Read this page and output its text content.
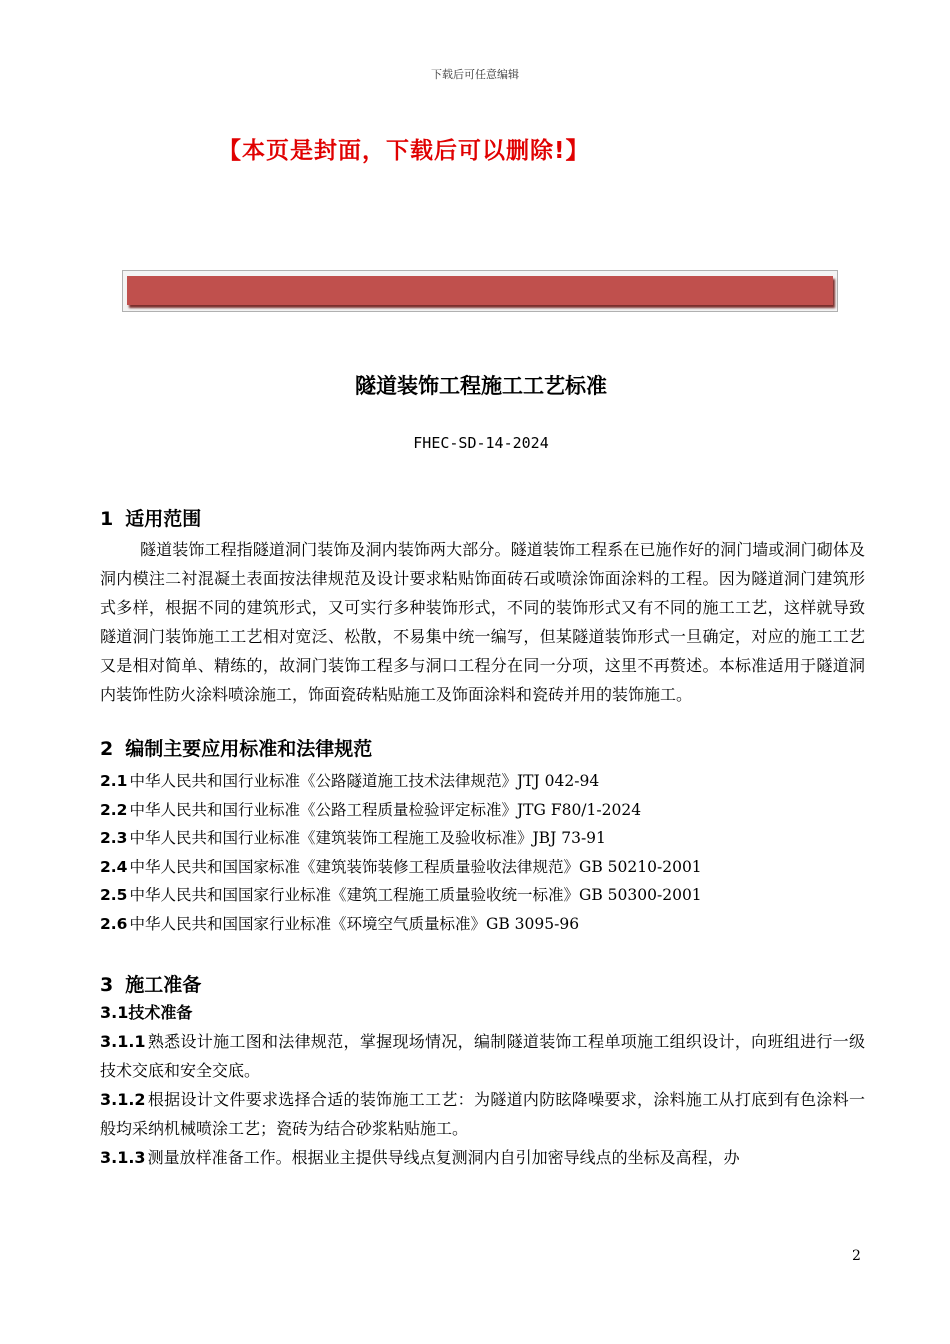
下载后可任意编辑
【本页是封面，下载后可以删除!】
隧道装饰工程施工工艺标准
FHEC-SD-14-2024
1 适用范围

隧道装饰工程指隧道洞门装饰及洞内装饰两大部分。隧道装饰工程系在已施作好的洞门墙或洞门砌体及洞内模注二衬混凝土表面按法律规范及设计要求粘贴饰面砖石或喷涂饰面涂料的工程。因为隧道洞门建筑形式多样，根据不同的建筑形式，又可实行多种装饰形式，不同的装饰形式又有不同的施工工艺，这样就导致隧道洞门装饰施工工艺相对宽泛、松散，不易集中统一编写，但某隧道装饰形式一旦确定，对应的施工工艺又是相对简单、精练的，故洞门装饰工程多与洞口工程分在同一分项，这里不再赘述。本标准适用于隧道洞内装饰性防火涂料喷涂施工，饰面瓷砖粘贴施工及饰面涂料和瓷砖并用的装饰施工。

2 编制主要应用标准和法律规范
2.1 中华人民共和国行业标准《公路隧道施工技术法律规范》JTJ 042-94
2.2 中华人民共和国行业标准《公路工程质量检验评定标准》JTG F80/1-2024
2.3 中华人民共和国行业标准《建筑装饰工程施工及验收标准》JBJ 73-91
2.4 中华人民共和国国家标准《建筑装饰装修工程质量验收法律规范》GB 50210-2001
2.5 中华人民共和国国家行业标准《建筑工程施工质量验收统一标准》GB 50300-2001
2.6 中华人民共和国国家行业标准《环境空气质量标准》GB 3095-96
3 施工准备
3.1技术准备

3.1.1 熟悉设计施工图和法律规范，掌握现场情况，编制隧道装饰工程单项施工组织设计，向班组进行一级技术交底和安全交底。

3.1.2 根据设计文件要求选择合适的装饰施工工艺：为隧道内防眩降噪要求，涂料施工从打底到有色涂料一般均采纳机械喷涂工艺；瓷砖为结合砂浆粘贴施工。

3.1.3 测量放样准备工作。根据业主提供导线点复测洞内自引加密导线点的坐标及高程，办

2
